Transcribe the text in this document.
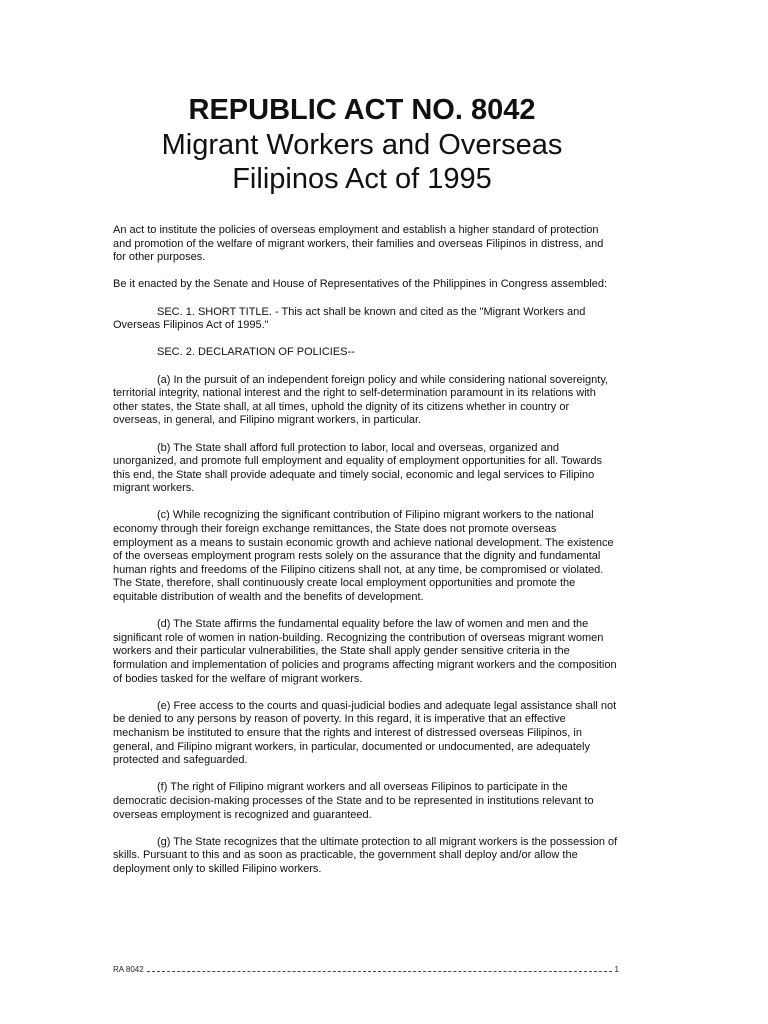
REPUBLIC ACT NO. 8042
Migrant Workers and Overseas
Filipinos Act of 1995

An act to institute the policies of overseas employment and establish a higher standard of protection and promotion of the welfare of migrant workers, their families and overseas Filipinos in distress, and for other purposes.

Be it enacted by the Senate and House of Representatives of the Philippines in Congress assembled:

SEC. 1. SHORT TITLE. - This act shall be known and cited as the "Migrant Workers and Overseas Filipinos Act of 1995."

SEC. 2. DECLARATION OF POLICIES--

(a) In the pursuit of an independent foreign policy and while considering national sovereignty, territorial integrity, national interest and the right to self-determination paramount in its relations with other states, the State shall, at all times, uphold the dignity of its citizens whether in country or overseas, in general, and Filipino migrant workers, in particular.

(b) The State shall afford full protection to labor, local and overseas, organized and unorganized, and promote full employment and equality of employment opportunities for all. Towards this end, the State shall provide adequate and timely social, economic and legal services to Filipino migrant workers.

(c) While recognizing the significant contribution of Filipino migrant workers to the national economy through their foreign exchange remittances, the State does not promote overseas employment as a means to sustain economic growth and achieve national development. The existence of the overseas employment program rests solely on the assurance that the dignity and fundamental human rights and freedoms of the Filipino citizens shall not, at any time, be compromised or violated. The State, therefore, shall continuously create local employment opportunities and promote the equitable distribution of wealth and the benefits of development.

(d) The State affirms the fundamental equality before the law of women and men and the significant role of women in nation-building. Recognizing the contribution of overseas migrant women workers and their particular vulnerabilities, the State shall apply gender sensitive criteria in the formulation and implementation of policies and programs affecting migrant workers and the composition of bodies tasked for the welfare of migrant workers.

(e) Free access to the courts and quasi-judicial bodies and adequate legal assistance shall not be denied to any persons by reason of poverty. In this regard, it is imperative that an effective mechanism be instituted to ensure that the rights and interest of distressed overseas Filipinos, in general, and Filipino migrant workers, in particular, documented or undocumented, are adequately protected and safeguarded.

(f) The right of Filipino migrant workers and all overseas Filipinos to participate in the democratic decision-making processes of the State and to be represented in institutions relevant to overseas employment is recognized and guaranteed.

(g) The State recognizes that the ultimate protection to all migrant workers is the possession of skills. Pursuant to this and as soon as practicable, the government shall deploy and/or allow the deployment only to skilled Filipino workers.

RA 8042	1
